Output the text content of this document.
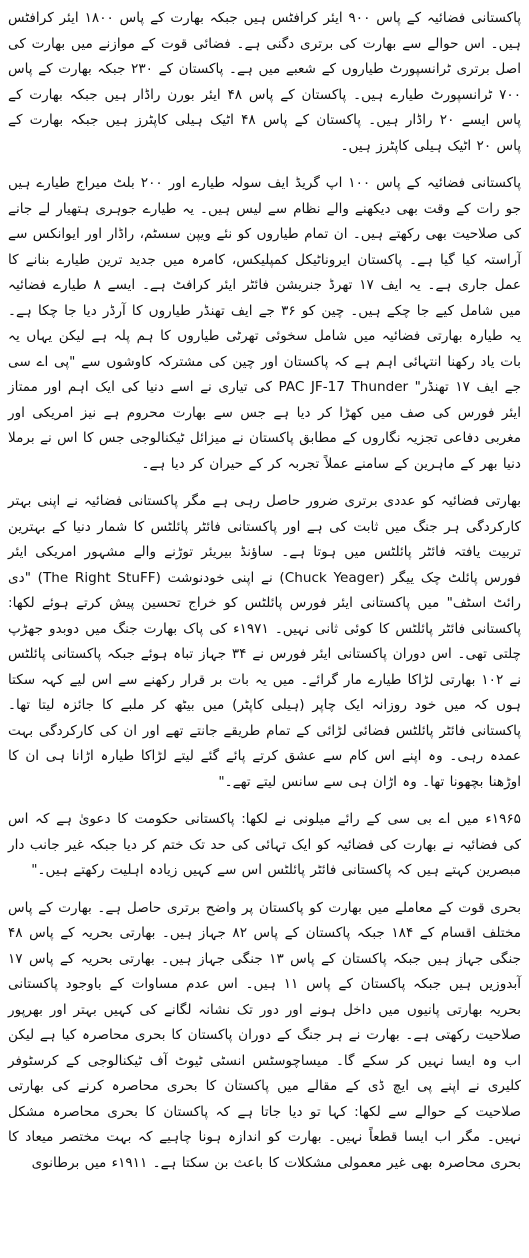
پاکستانی فضائیہ کے پاس ۹۰۰ ایئر کرافٹس ہیں جبکہ بھارت کے پاس ۱۸۰۰ ایئر کرافٹس ہیں۔ اس حوالے سے بھارت کی برتری دگنی ہے۔ فضائی قوت کے موازنے میں بھارت کی اصل برتری ٹرانسپورٹ طیاروں کے شعبے میں ہے۔ پاکستان کے ۲۳۰ جبکہ بھارت کے پاس ۷۰۰ ٹرانسپورٹ طیارے ہیں۔ پاکستان کے پاس ۴۸ ایئر بورن راڈار ہیں جبکہ بھارت کے پاس ایسے ۲۰ راڈار ہیں۔ پاکستان کے پاس ۴۸ اٹیک ہیلی کاپٹرز ہیں جبکہ بھارت کے پاس ۲۰ اٹیک ہیلی کاپٹرز ہیں۔

پاکستانی فضائیہ کے پاس ۱۰۰ اپ گریڈ ایف سولہ طیارے اور ۲۰۰ بلٹ میراج طیارے ہیں جو رات کے وقت بھی دیکھنے والے نظام سے لیس ہیں۔ یہ طیارے جوہری ہتھیار لے جانے کی صلاحیت بھی رکھتے ہیں۔ ان تمام طیاروں کو نئے ویپن سسٹم، راڈار اور ایوانکس سے آراستہ کیا گیا ہے۔ پاکستان ایروناٹیکل کمپلیکس، کامرہ میں جدید ترین طیارے بنانے کا عمل جاری ہے۔ یہ ایف ۱۷ تھرڈ جنریشن فائٹر ایئر کرافٹ ہے۔ ایسے ۸ طیارے فضائیہ میں شامل کیے جا چکے ہیں۔ چین کو ۳۶ جے ایف تھنڈر طیاروں کا آرڈر دیا جا چکا ہے۔ یہ طیارہ بھارتی فضائیہ میں شامل سخوئی تھرٹی طیاروں کا ہم پلہ ہے لیکن یہاں یہ بات یاد رکھنا انتہائی اہم ہے کہ پاکستان اور چین کی مشترکہ کاوشوں سے "پی اے سی جے ایف ۱۷ تھنڈر" PAC JF-17 Thunder کی تیاری نے اسے دنیا کی ایک اہم اور ممتاز ایئر فورس کی صف میں کھڑا کر دیا ہے جس سے بھارت محروم ہے نیز امریکی اور مغربی دفاعی تجزیہ نگاروں کے مطابق پاکستان نے میزائل ٹیکنالوجی جس کا اس نے برملا دنیا بھر کے ماہرین کے سامنے عملاً تجربہ کر کے حیران کر دیا ہے۔

بھارتی فضائیہ کو عددی برتری ضرور حاصل رہی ہے مگر پاکستانی فضائیہ نے اپنی بہتر کارکردگی ہر جنگ میں ثابت کی ہے اور پاکستانی فائٹر پائلٹس کا شمار دنیا کے بہترین تربیت یافتہ فائٹر پائلٹس میں ہوتا ہے۔ ساؤنڈ بیریئر توڑنے والے مشہور امریکی ایئر فورس پائلٹ چک ییگر (Chuck Yeager) نے اپنی خودنوشت (The Right StuFF) "دی رائٹ اسٹف" میں پاکستانی ایئر فورس پائلٹس کو خراج تحسین پیش کرتے ہوئے لکھا: پاکستانی فائٹر پائلٹس کا کوئی ثانی نہیں۔ ۱۹۷۱ء کی پاک بھارت جنگ میں دوبدو جھڑپ چلتی تھی۔ اس دوران پاکستانی ایئر فورس نے ۳۴ جہاز تباہ ہوئے جبکہ پاکستانی پائلٹس نے ۱۰۲ بھارتی لڑاکا طیارے مار گرائے۔ میں یہ بات بر قرار رکھنے سے اس لیے کہہ سکتا ہوں کہ میں خود روزانہ ایک چاپر (ہیلی کاپٹر) میں بیٹھ کر ملبے کا جائزہ لیتا تھا۔ پاکستانی فائٹر پائلٹس فضائی لڑائی کے تمام طریقے جانتے تھے اور ان کی کارکردگی بہت عمدہ رہی۔ وہ اپنے اس کام سے عشق کرتے پائے گئے لیتے لڑاکا طیارہ اڑانا ہی ان کا اوڑھنا بچھونا تھا۔ وہ اڑان ہی سے سانس لیتے تھے۔"

۱۹۶۵ء میں اے بی سی کے رائے میلونی نے لکھا: پاکستانی حکومت کا دعویٰ ہے کہ اس کی فضائیہ نے بھارت کی فضائیہ کو ایک تہائی کی حد تک ختم کر دیا جبکہ غیر جانب دار مبصرین کہتے ہیں کہ پاکستانی فائٹر پائلٹس اس سے کہیں زیادہ اہلیت رکھتے ہیں۔"

بحری قوت کے معاملے میں بھارت کو پاکستان پر واضح برتری حاصل ہے۔ بھارت کے پاس مختلف اقسام کے ۱۸۴ جبکہ پاکستان کے پاس ۸۲ جہاز ہیں۔ بھارتی بحریہ کے پاس ۴۸ جنگی جہاز ہیں جبکہ پاکستان کے پاس ۱۳ جنگی جہاز ہیں۔ بھارتی بحریہ کے پاس ۱۷ آبدوزیں ہیں جبکہ پاکستان کے پاس ۱۱ ہیں۔ اس عدم مساوات کے باوجود پاکستانی بحریہ بھارتی پانیوں میں داخل ہونے اور دور تک نشانہ لگانے کی کہیں بہتر اور بھرپور صلاحیت رکھتی ہے۔ بھارت نے ہر جنگ کے دوران پاکستان کا بحری محاصرہ کیا ہے لیکن اب وہ ایسا نہیں کر سکے گا۔ میساچوسٹس انسٹی ٹیوٹ آف ٹیکنالوجی کے کرسٹوفر کلیری نے اپنے پی ایچ ڈی کے مقالے میں پاکستان کا بحری محاصرہ کرنے کی بھارتی صلاحیت کے حوالے سے لکھا: کہا تو دیا جاتا ہے کہ پاکستان کا بحری محاصرہ مشکل نہیں۔ مگر اب ایسا قطعاً نہیں۔ بھارت کو اندازہ ہونا چاہیے کہ بہت مختصر میعاد کا بحری محاصرہ بھی غیر معمولی مشکلات کا باعث بن سکتا ہے۔ ۱۹۱۱ء میں برطانوی
